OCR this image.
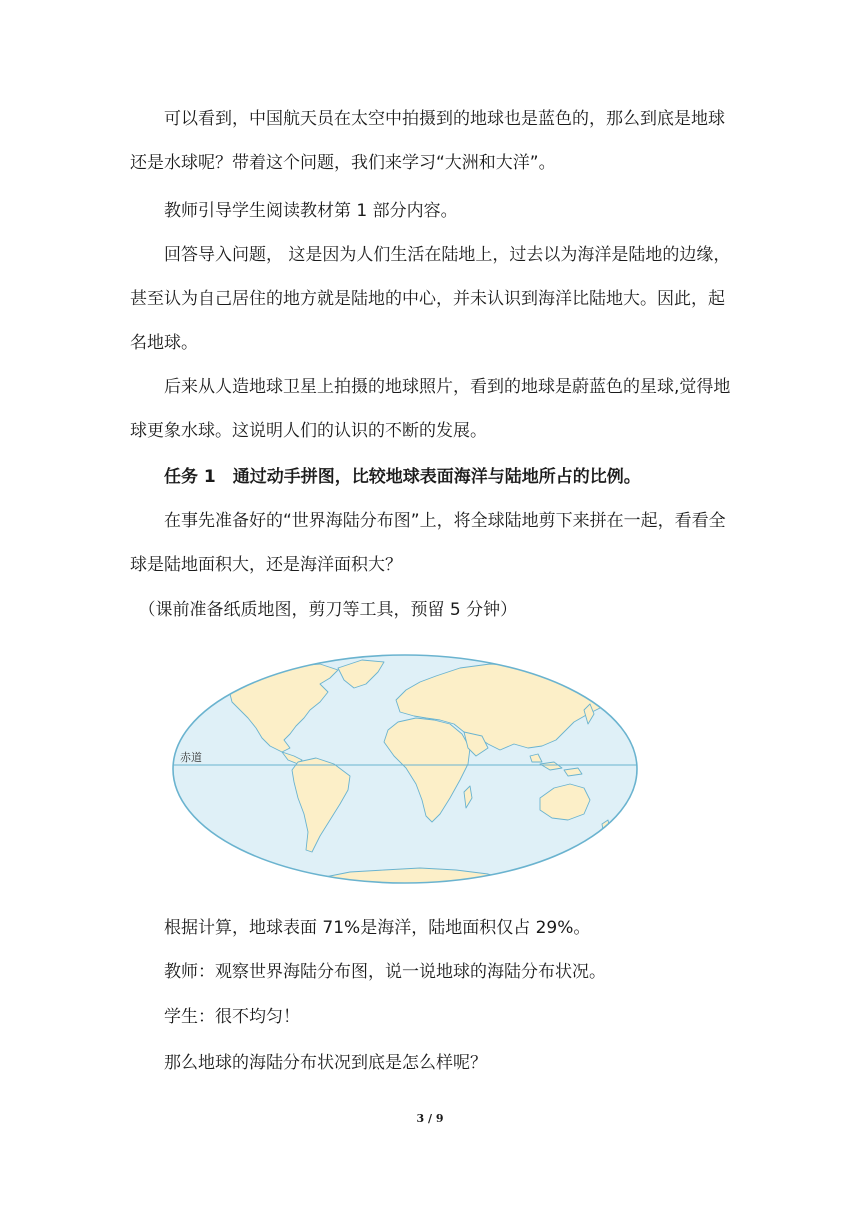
　　可以看到，中国航天员在太空中拍摄到的地球也是蓝色的，那么到底是地球还是水球呢？带着这个问题，我们来学习“大洲和大洋”。

　　教师引导学生阅读教材第 1 部分内容。

　　回答导入问题， 这是因为人们生活在陆地上，过去以为海洋是陆地的边缘，甚至认为自己居住的地方就是陆地的中心，并未认识到海洋比陆地大。因此，起名地球。

　　后来从人造地球卫星上拍摄的地球照片，看到的地球是蔚蓝色的星球,觉得地球更象水球。这说明人们的认识的不断的发展。

　　任务 1　通过动手拼图，比较地球表面海洋与陆地所占的比例。

　　在事先准备好的“世界海陆分布图”上，将全球陆地剪下来拼在一起，看看全球是陆地面积大，还是海洋面积大？

　（课前准备纸质地图，剪刀等工具，预留 5 分钟）

赤道

　　根据计算，地球表面 71%是海洋，陆地面积仅占 29%。

　　教师：观察世界海陆分布图，说一说地球的海陆分布状况。

　　学生：很不均匀！

　　那么地球的海陆分布状况到底是怎么样呢？

3 / 9
